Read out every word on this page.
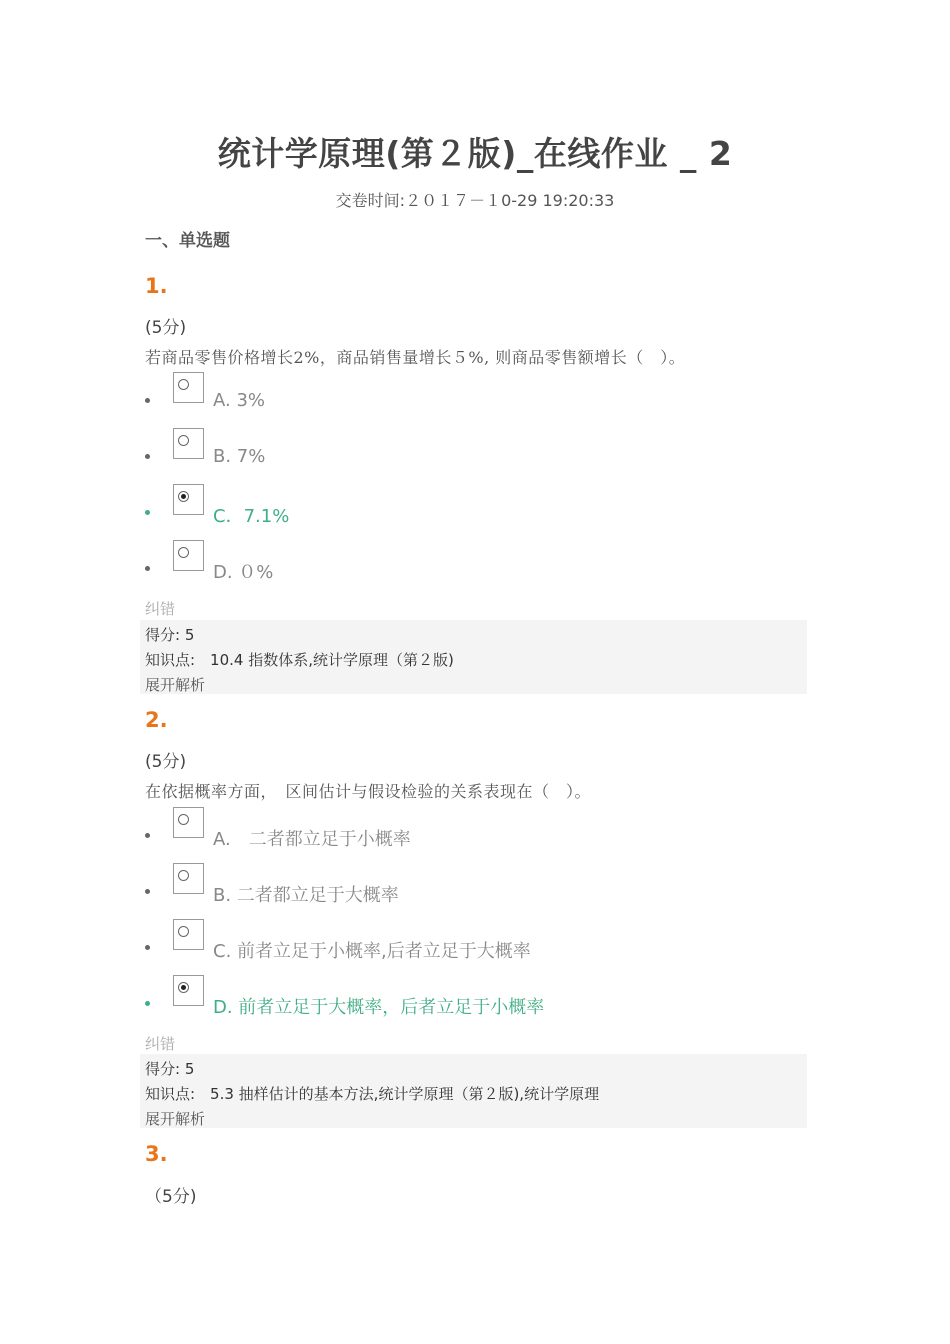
统计学原理(第２版)_在线作业 _ 2
交卷时间:２０１７－１0-29 19:20:33
一、单选题
1.
(5分)
若商品零售价格增长2%，商品销售量增长５%, 则商品零售额增长（　）。
A. 3%
B. 7%
C．7.1%
D. ０%
纠错
得分: 5
知识点:　10.4 指数体系,统计学原理（第２版)
展开解析
2.
(5分)
在依据概率方面，　区间估计与假设检验的关系表现在（　）。
A.　二者都立足于小概率
B. 二者都立足于大概率
C. 前者立足于小概率,后者立足于大概率
D. 前者立足于大概率，后者立足于小概率
纠错
得分: 5
知识点:　5.3 抽样估计的基本方法,统计学原理（第２版),统计学原理
展开解析
3.
（5分)
